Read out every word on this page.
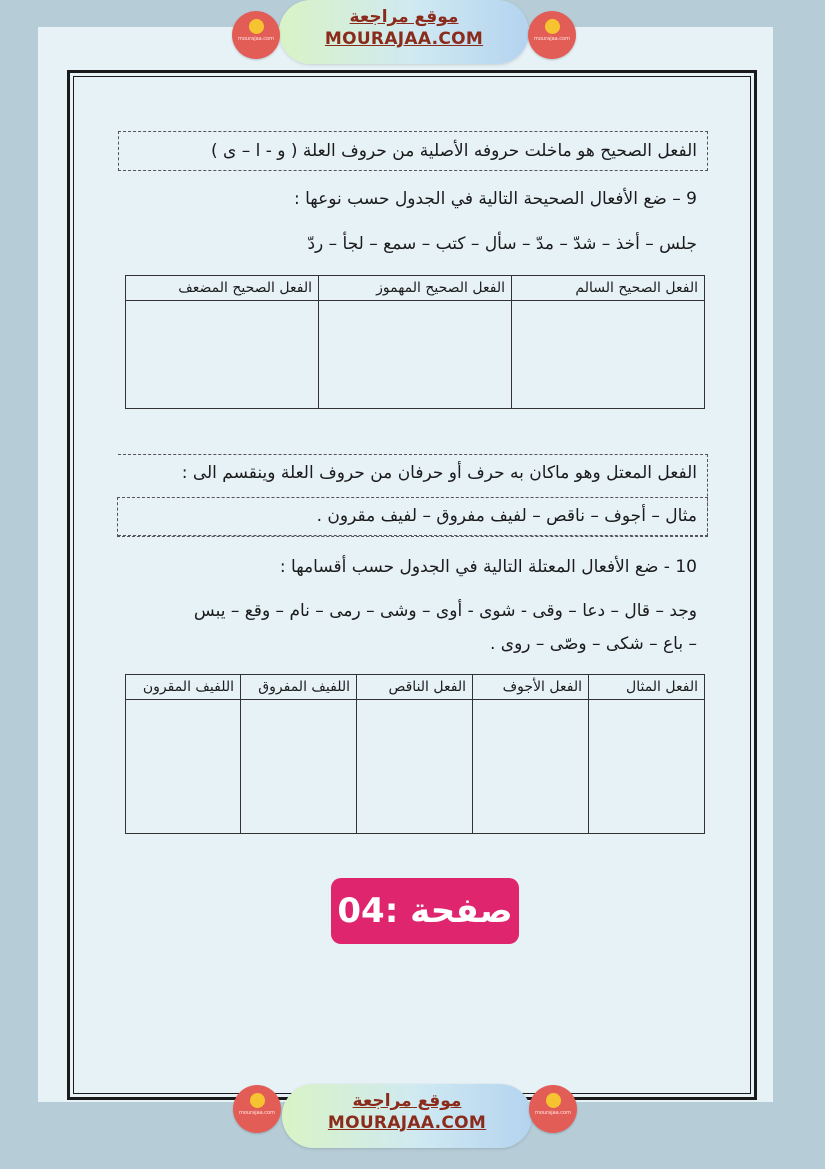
موقع مراجعة
MOURAJAA.COM
mourajaa.com	mourajaa.com
الفعل الصحيح هو ماخلت حروفه الأصلية من حروف العلة ( و - ا – ى )
9 – ضع الأفعال الصحيحة التالية في الجدول حسب نوعها :
جلس – أخذ – شدّ – مدّ – سأل – كتب – سمع – لجأ – ردّ
الفعل الصحيح السالم	الفعل الصحيح المهموز	الفعل الصحيح المضعف

الفعل المعتل وهو ماكان به حرف أو حرفان من حروف العلة وينقسم الى :
مثال – أجوف – ناقص – لفيف مفروق – لفيف مقرون .
10 - ضع الأفعال المعتلة التالية في الجدول حسب أقسامها :
وجد – قال – دعا – وقى - شوى - أوى – وشى – رمى – نام – وقع – يبس
– باع – شكى – وصّى – روى .
الفعل المثال	الفعل الأجوف	الفعل الناقص	اللفيف المفروق	اللفيف المقرون

صفحة :04
موقع مراجعة
MOURAJAA.COM
mourajaa.com	mourajaa.com
